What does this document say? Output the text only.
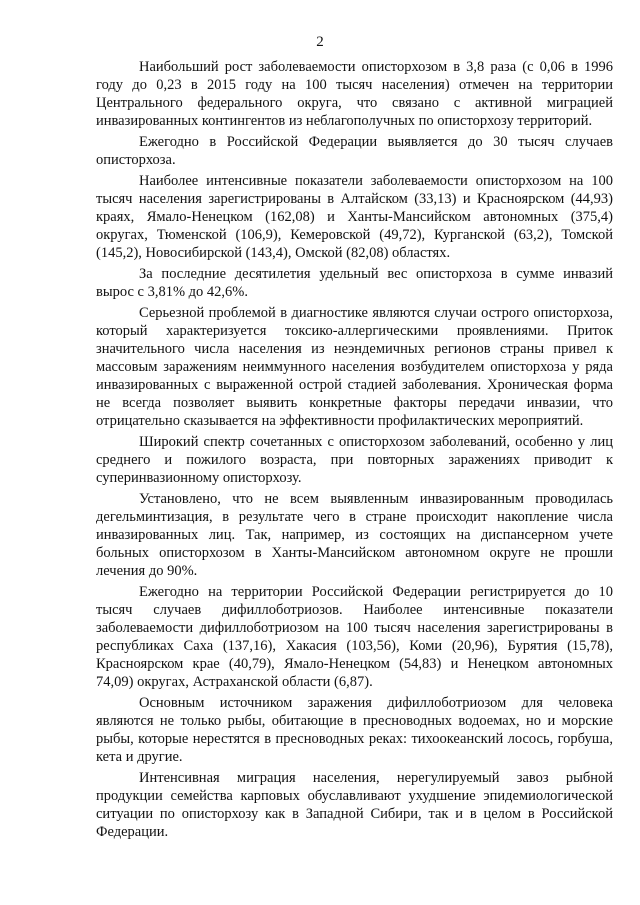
2

Наибольший рост заболеваемости описторхозом в 3,8 раза (с 0,06 в 1996 году до 0,23 в 2015 году на 100 тысяч населения) отмечен на территории Центрального федерального округа, что связано с активной миграцией инвазированных контингентов из неблагополучных по описторхозу территорий.

Ежегодно в Российской Федерации выявляется до 30 тысяч случаев описторхоза.

Наиболее интенсивные показатели заболеваемости описторхозом на 100 тысяч населения зарегистрированы в Алтайском (33,13) и Красноярском (44,93) краях, Ямало-Ненецком (162,08) и Ханты-Мансийском автономных (375,4) округах, Тюменской (106,9), Кемеровской (49,72), Курганской (63,2), Томской (145,2), Новосибирской (143,4), Омской (82,08) областях.

За последние десятилетия удельный вес описторхоза в сумме инвазий вырос с 3,81% до 42,6%.

Серьезной проблемой в диагностике являются случаи острого описторхоза, который характеризуется токсико-аллергическими проявлениями. Приток значительного числа населения из неэндемичных регионов страны привел к массовым заражениям неиммунного населения возбудителем описторхоза у ряда инвазированных с выраженной острой стадией заболевания. Хроническая форма не всегда позволяет выявить конкретные факторы передачи инвазии, что отрицательно сказывается на эффективности профилактических мероприятий.

Широкий спектр сочетанных с описторхозом заболеваний, особенно у лиц среднего и пожилого возраста, при повторных заражениях приводит к суперинвазионному описторхозу.

Установлено, что не всем выявленным инвазированным проводилась дегельминтизация, в результате чего в стране происходит накопление числа инвазированных лиц. Так, например, из состоящих на диспансерном учете больных описторхозом в Ханты-Мансийском автономном округе не прошли лечения до 90%.

Ежегодно на территории Российской Федерации регистрируется до 10 тысяч случаев дифиллоботриозов. Наиболее интенсивные показатели заболеваемости дифиллоботриозом на 100 тысяч населения зарегистрированы в республиках Саха (137,16), Хакасия (103,56), Коми (20,96), Бурятия (15,78), Красноярском крае (40,79), Ямало-Ненецком (54,83) и Ненецком автономных 74,09) округах, Астраханской области (6,87).

Основным источником заражения дифиллоботриозом для человека являются не только рыбы, обитающие в пресноводных водоемах, но и морские рыбы, которые нерестятся в пресноводных реках: тихоокеанский лосось, горбуша, кета и другие.

Интенсивная миграция населения, нерегулируемый завоз рыбной продукции семейства карповых обуславливают ухудшение эпидемиологической ситуации по описторхозу как в Западной Сибири, так и в целом в Российской Федерации.
